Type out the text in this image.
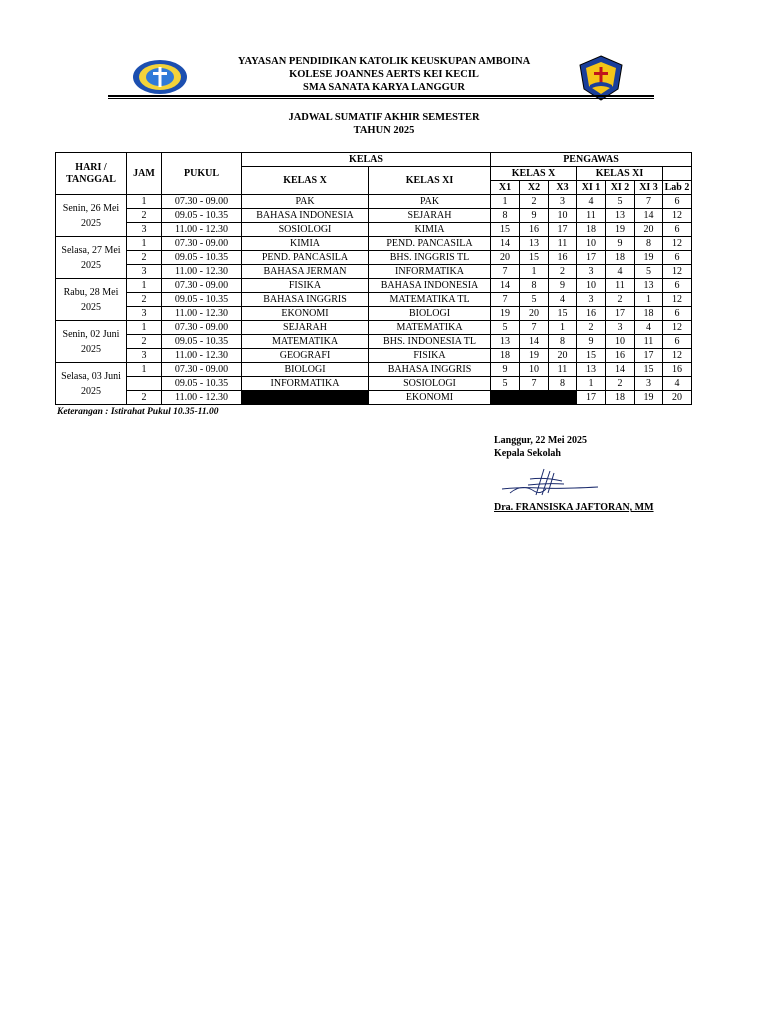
YAYASAN PENDIDIKAN KATOLIK KEUSKUPAN AMBOINA
KOLESE JOANNES AERTS KEI KECIL
SMA SANATA KARYA LANGGUR
JADWAL SUMATIF AKHIR SEMESTER
TAHUN 2025
HARI / TANGGAL	JAM	PUKUL	KELAS		PENGAWAS						
			KELAS X	KELAS XI	KELAS X			KELAS XI			
					X1	X2	X3	XI 1	XI 2	XI 3	Lab 2
Senin, 26 Mei 2025	1	07.30 - 09.00	PAK	PAK	1	2	3	4	5	7	6
	2	09.05 - 10.35	BAHASA INDONESIA	SEJARAH	8	9	10	11	13	14	12
	3	11.00 - 12.30	SOSIOLOGI	KIMIA	15	16	17	18	19	20	6
Selasa, 27 Mei 2025	1	07.30 - 09.00	KIMIA	PEND. PANCASILA	14	13	11	10	9	8	12
	2	09.05 - 10.35	PEND. PANCASILA	BHS. INGGRIS TL	20	15	16	17	18	19	6
	3	11.00 - 12.30	BAHASA JERMAN	INFORMATIKA	7	1	2	3	4	5	12
Rabu, 28 Mei 2025	1	07.30 - 09.00	FISIKA	BAHASA INDONESIA	14	8	9	10	11	13	6
	2	09.05 - 10.35	BAHASA INGGRIS	MATEMATIKA TL	7	5	4	3	2	1	12
	3	11.00 - 12.30	EKONOMI	BIOLOGI	19	20	15	16	17	18	6
Senin, 02 Juni 2025	1	07.30 - 09.00	SEJARAH	MATEMATIKA	5	7	1	2	3	4	12
	2	09.05 - 10.35	MATEMATIKA	BHS. INDONESIA TL	13	14	8	9	10	11	6
	3	11.00 - 12.30	GEOGRAFI	FISIKA	18	19	20	15	16	17	12
Selasa, 03 Juni 2025	1	07.30 - 09.00	BIOLOGI	BAHASA INGGRIS	9	10	11	13	14	15	16
		09.05 - 10.35	INFORMATIKA	SOSIOLOGI	5	7	8	1	2	3	4
	2	11.00 - 12.30		EKONOMI				17	18	19	20
Keterangan : Istirahat Pukul 10.35-11.00
Langgur, 22 Mei 2025
Kepala Sekolah
Dra. FRANSISKA JAFTORAN, MM
